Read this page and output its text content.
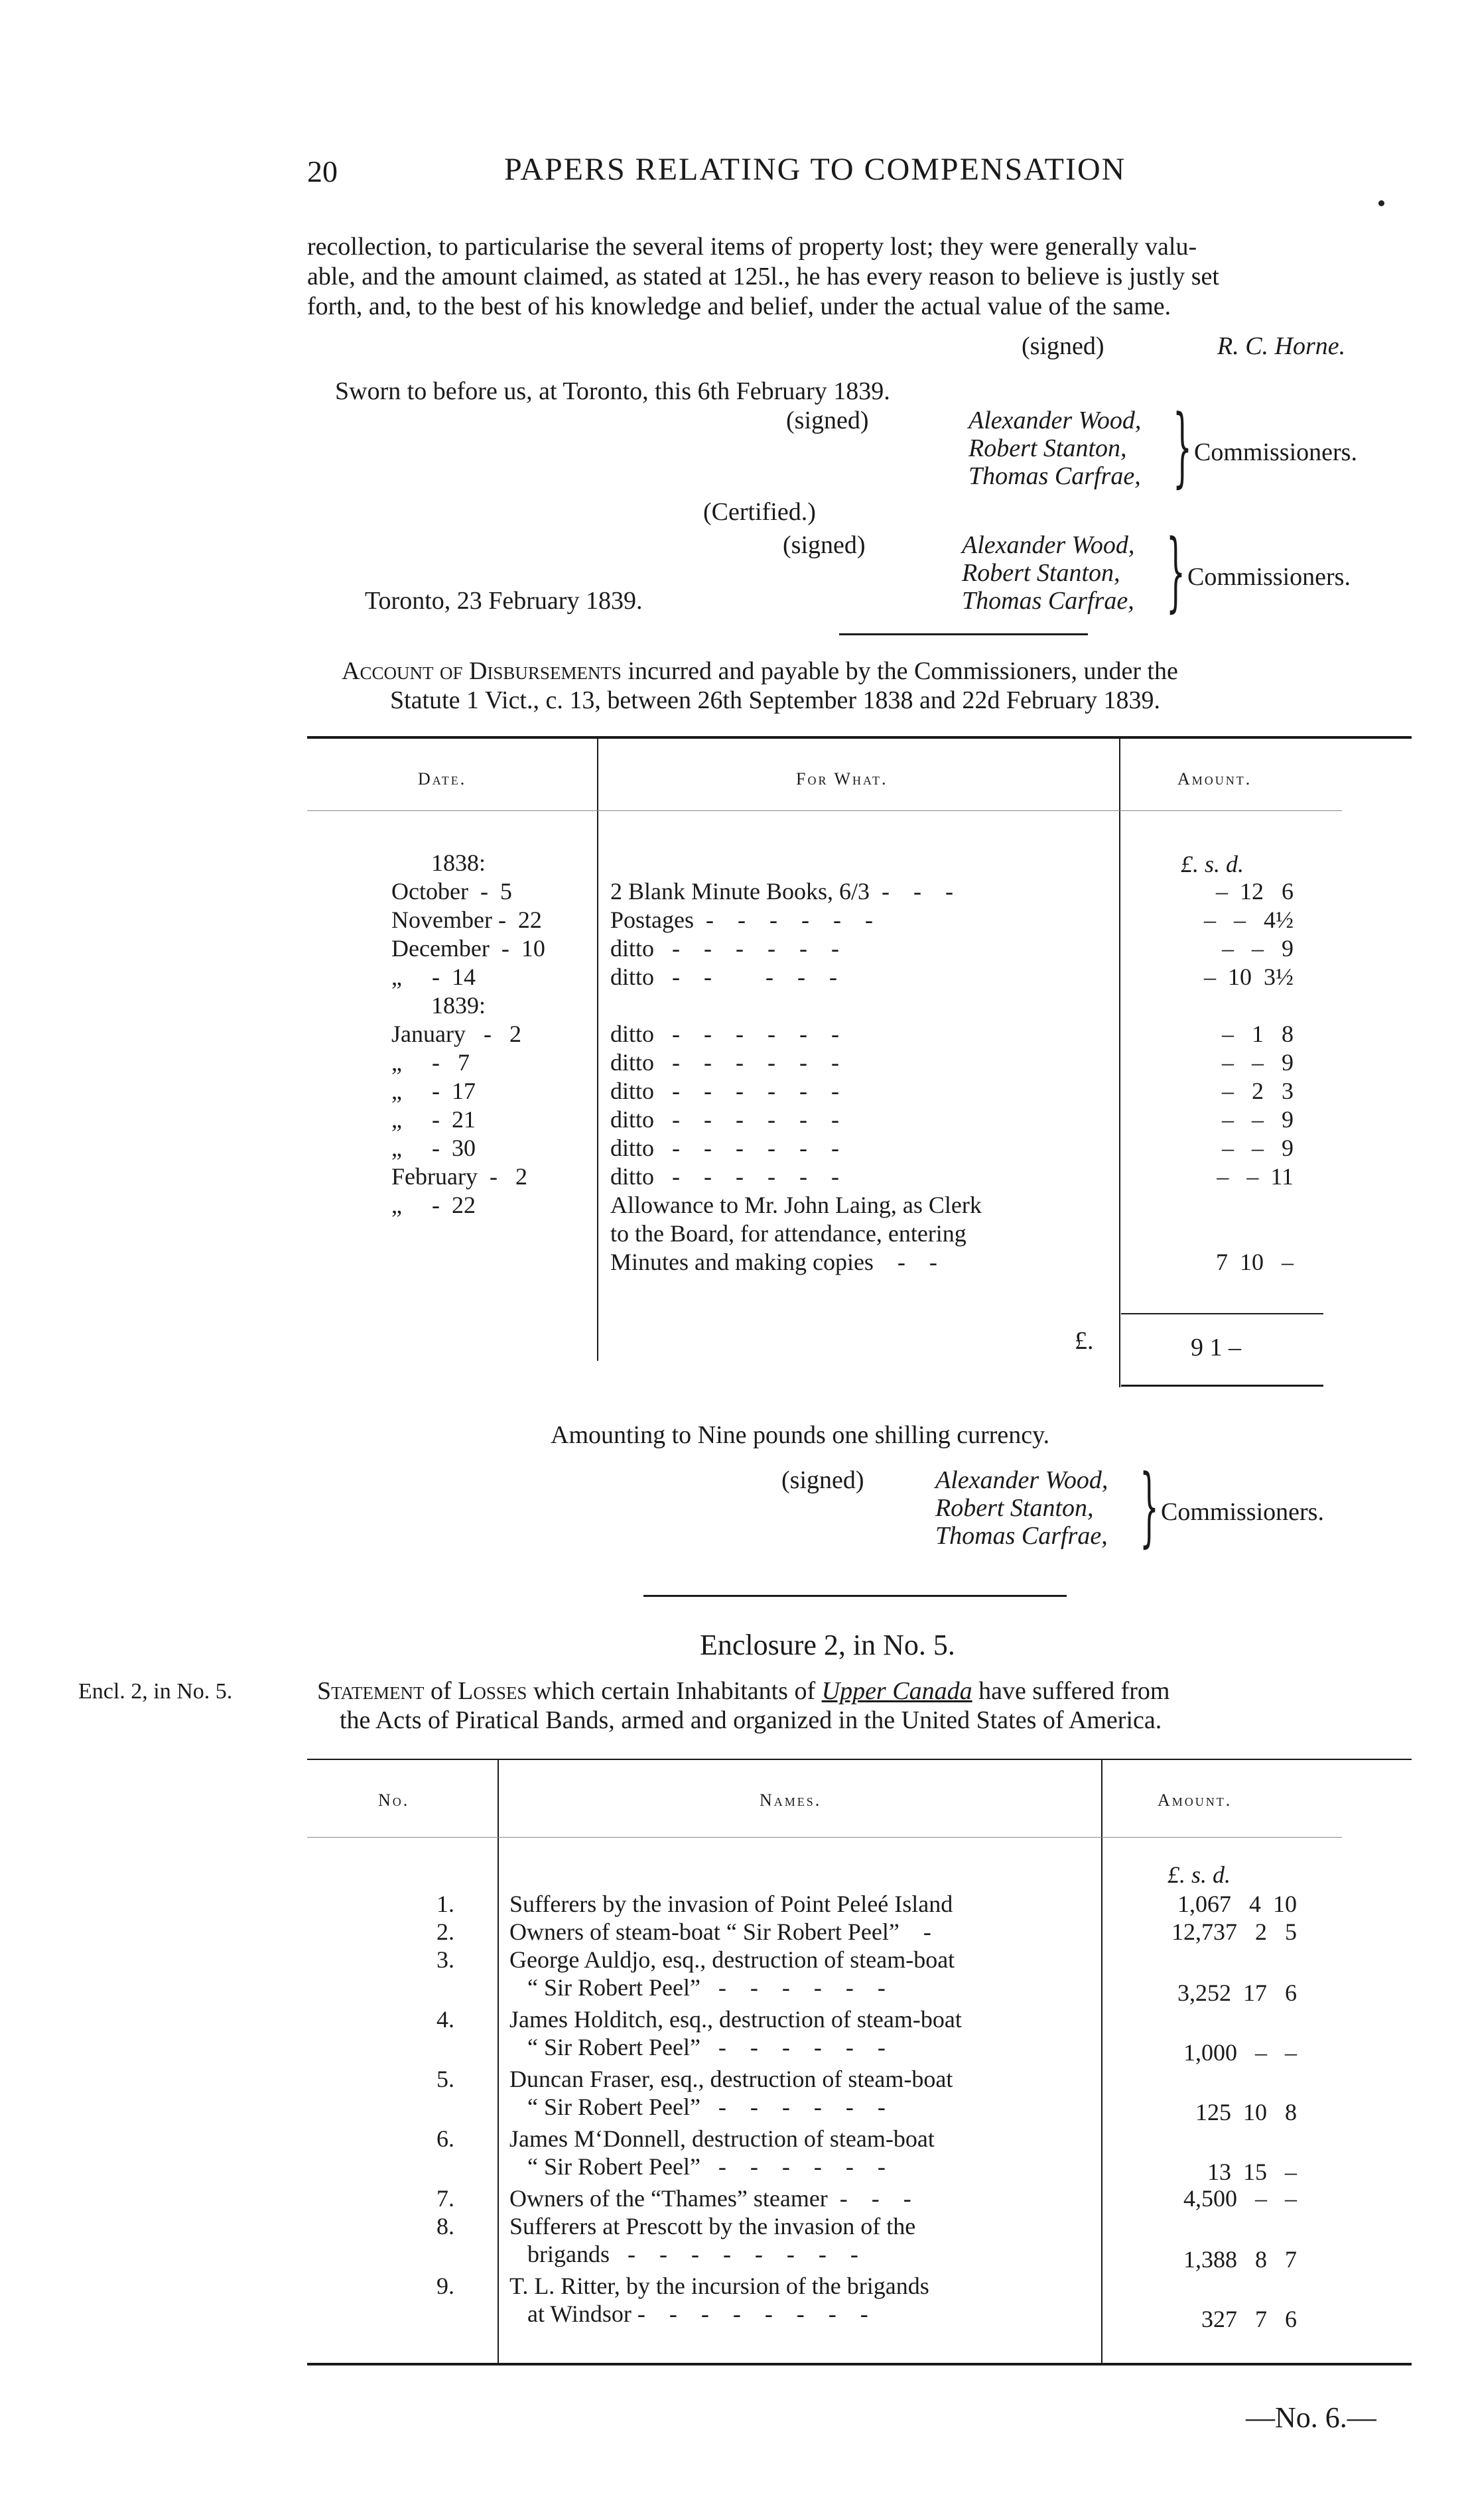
20	PAPERS RELATING TO COMPENSATION
recollection, to particularise the several items of property lost; they were generally valu-
able, and the amount claimed, as stated at 125l., he has every reason to believe is justly set
forth, and, to the best of his knowledge and belief, under the actual value of the same.
(signed)	R. C. Horne.
Sworn to before us, at Toronto, this 6th February 1839.
(signed)	Alexander Wood,
Robert Stanton,
Thomas Carfrae, } Commissioners.
(Certified.)
(signed)	Alexander Wood,
Robert Stanton,
Thomas Carfrae, } Commissioners.
Toronto, 23 February 1839.
Account of Disbursements incurred and payable by the Commissioners, under the
Statute 1 Vict., c. 13, between 26th September 1838 and 22d February 1839.
Date.	For What.	Amount.
£. s. d.
1838:
October  -  5	2 Blank Minute Books, 6/3  -    -    -	–  12   6
November -  22	Postages  -    -    -    -    -    -	–   –   4½
December  -  10	ditto   -    -    -    -    -    -	–   –   9
„     -  14	ditto   -    -         -    -    -	–  10  3½
1839:
January   -   2	ditto   -    -    -    -    -    -	–   1   8
„     -   7	ditto   -    -    -    -    -    -	–   –   9
„     -  17	ditto   -    -    -    -    -    -	–   2   3
„     -  21	ditto   -    -    -    -    -    -	–   –   9
„     -  30	ditto   -    -    -    -    -    -	–   –   9
February  -   2	ditto   -    -    -    -    -    -	–   –  11
„     -  22	Allowance to Mr. John Laing, as Clerk
to the Board, for attendance, entering
Minutes and making copies    -    -	7  10   –
£.	9 1 –
Amounting to Nine pounds one shilling currency.
(signed)	Alexander Wood,
Robert Stanton,
Thomas Carfrae, } Commissioners.
Enclosure 2, in No. 5.
Encl. 2, in No. 5.	Statement of Losses which certain Inhabitants of Upper Canada have suffered from
the Acts of Piratical Bands, armed and organized in the United States of America.
No.	Names.	Amount.
£. s. d.
1. Sufferers by the invasion of Point Peleé Island	1,067   4  10
2. Owners of steam-boat “ Sir Robert Peel”    -	12,737   2   5
3. George Auldjo, esq., destruction of steam-boat
“ Sir Robert Peel”   -    -    -    -    -    -	3,252  17   6
4. James Holditch, esq., destruction of steam-boat
“ Sir Robert Peel”   -    -    -    -    -    -	1,000   –   –
5. Duncan Fraser, esq., destruction of steam-boat
“ Sir Robert Peel”   -    -    -    -    -    -	125  10   8
6. James M‘Donnell, destruction of steam-boat
“ Sir Robert Peel”   -    -    -    -    -    -	13  15   –
7. Owners of the “Thames” steamer  -    -    -	4,500   –   –
8. Sufferers at Prescott by the invasion of the
brigands   -    -    -    -    -    -    -    -	1,388   8   7
9. T. L. Ritter, by the incursion of the brigands
at Windsor -    -    -    -    -    -    -    -	327   7   6
—No. 6.—
